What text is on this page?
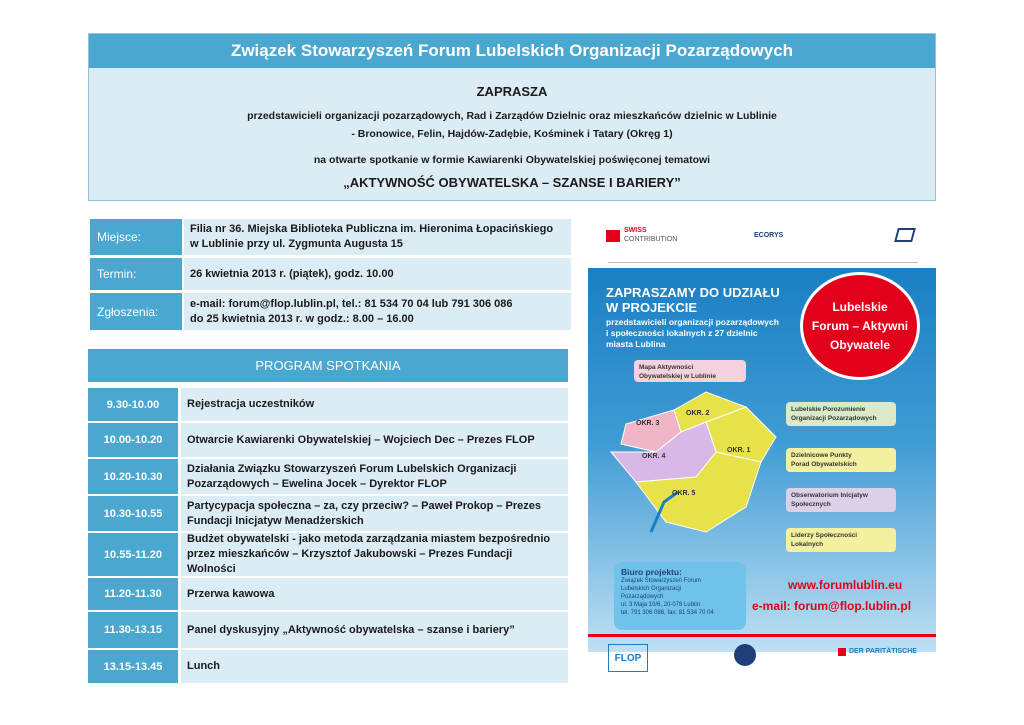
Związek Stowarzyszeń Forum Lubelskich Organizacji Pozarządowych
ZAPRASZA
przedstawicieli organizacji pozarządowych, Rad i Zarządów Dzielnic oraz mieszkańców dzielnic w Lublinie
- Bronowice, Felin, Hajdów-Zadębie, Kośminek i Tatary (Okręg 1)
na otwarte spotkanie w formie Kawiarenki Obywatelskiej poświęconej tematowi
„AKTYWNOŚĆ OBYWATELSKA – SZANSE I BARIERY”
Miejsce:
Filia nr 36. Miejska Biblioteka Publiczna im. Hieronima Łopacińskiego
w Lublinie przy ul. Zygmunta Augusta 15
Termin:	26 kwietnia 2013 r. (piątek), godz. 10.00
Zgłoszenia:
e-mail: forum@flop.lublin.pl, tel.: 81 534 70 04 lub 791 306 086
do 25 kwietnia 2013 r. w godz.: 8.00 – 16.00
PROGRAM SPOTKANIA
9.30-10.00	Rejestracja uczestników
10.00-10.20	Otwarcie Kawiarenki Obywatelskiej – Wojciech Dec – Prezes FLOP
10.20-10.30
Działania Związku Stowarzyszeń Forum Lubelskich Organizacji
Pozarządowych – Ewelina Jocek – Dyrektor FLOP
10.30-10.55
Partycypacja społeczna – za, czy przeciw? – Paweł Prokop – Prezes
Fundacji Inicjatyw Menadżerskich
10.55-11.20
Budżet obywatelski - jako metoda zarządzania miastem bezpośrednio
przez mieszkańców – Krzysztof Jakubowski – Prezes Fundacji
Wolności
11.20-11.30	Przerwa kawowa
11.30-13.15	Panel dyskusyjny „Aktywność obywatelska – szanse i bariery”
13.15-13.45	Lunch
SWISS
CONTRIBUTION
ECORYS
ZAPRASZAMY DO UDZIAŁU
W PROJEKCIE
przedstawicieli organizacji pozarządowych
i społeczności lokalnych z 27 dzielnic
miasta Lublina
Lubelskie
Forum – Aktywni
Obywatele
Mapa Aktywności
Obywatelskiej w Lublinie
OKR. 2
OKR. 3
OKR. 4
OKR. 1
OKR. 5
Lubelskie Porozumienie
Organizacji Pozarządowych
Dzielnicowe Punkty
Porad Obywatelskich
Obserwatorium Inicjatyw
Społecznych
Liderzy Społeczności
Lokalnych
Biuro projektu:
Związek Stowarzyszeń Forum
Lubelskich Organizacji
Pozarządowych
ul. 3 Maja 10/6, 20-078 Lublin
tel. 791 306 086, fax: 81 534 70 04
www.forumlublin.eu
e-mail: forum@flop.lublin.pl
FLOP
DER PARITÄTISCHE
